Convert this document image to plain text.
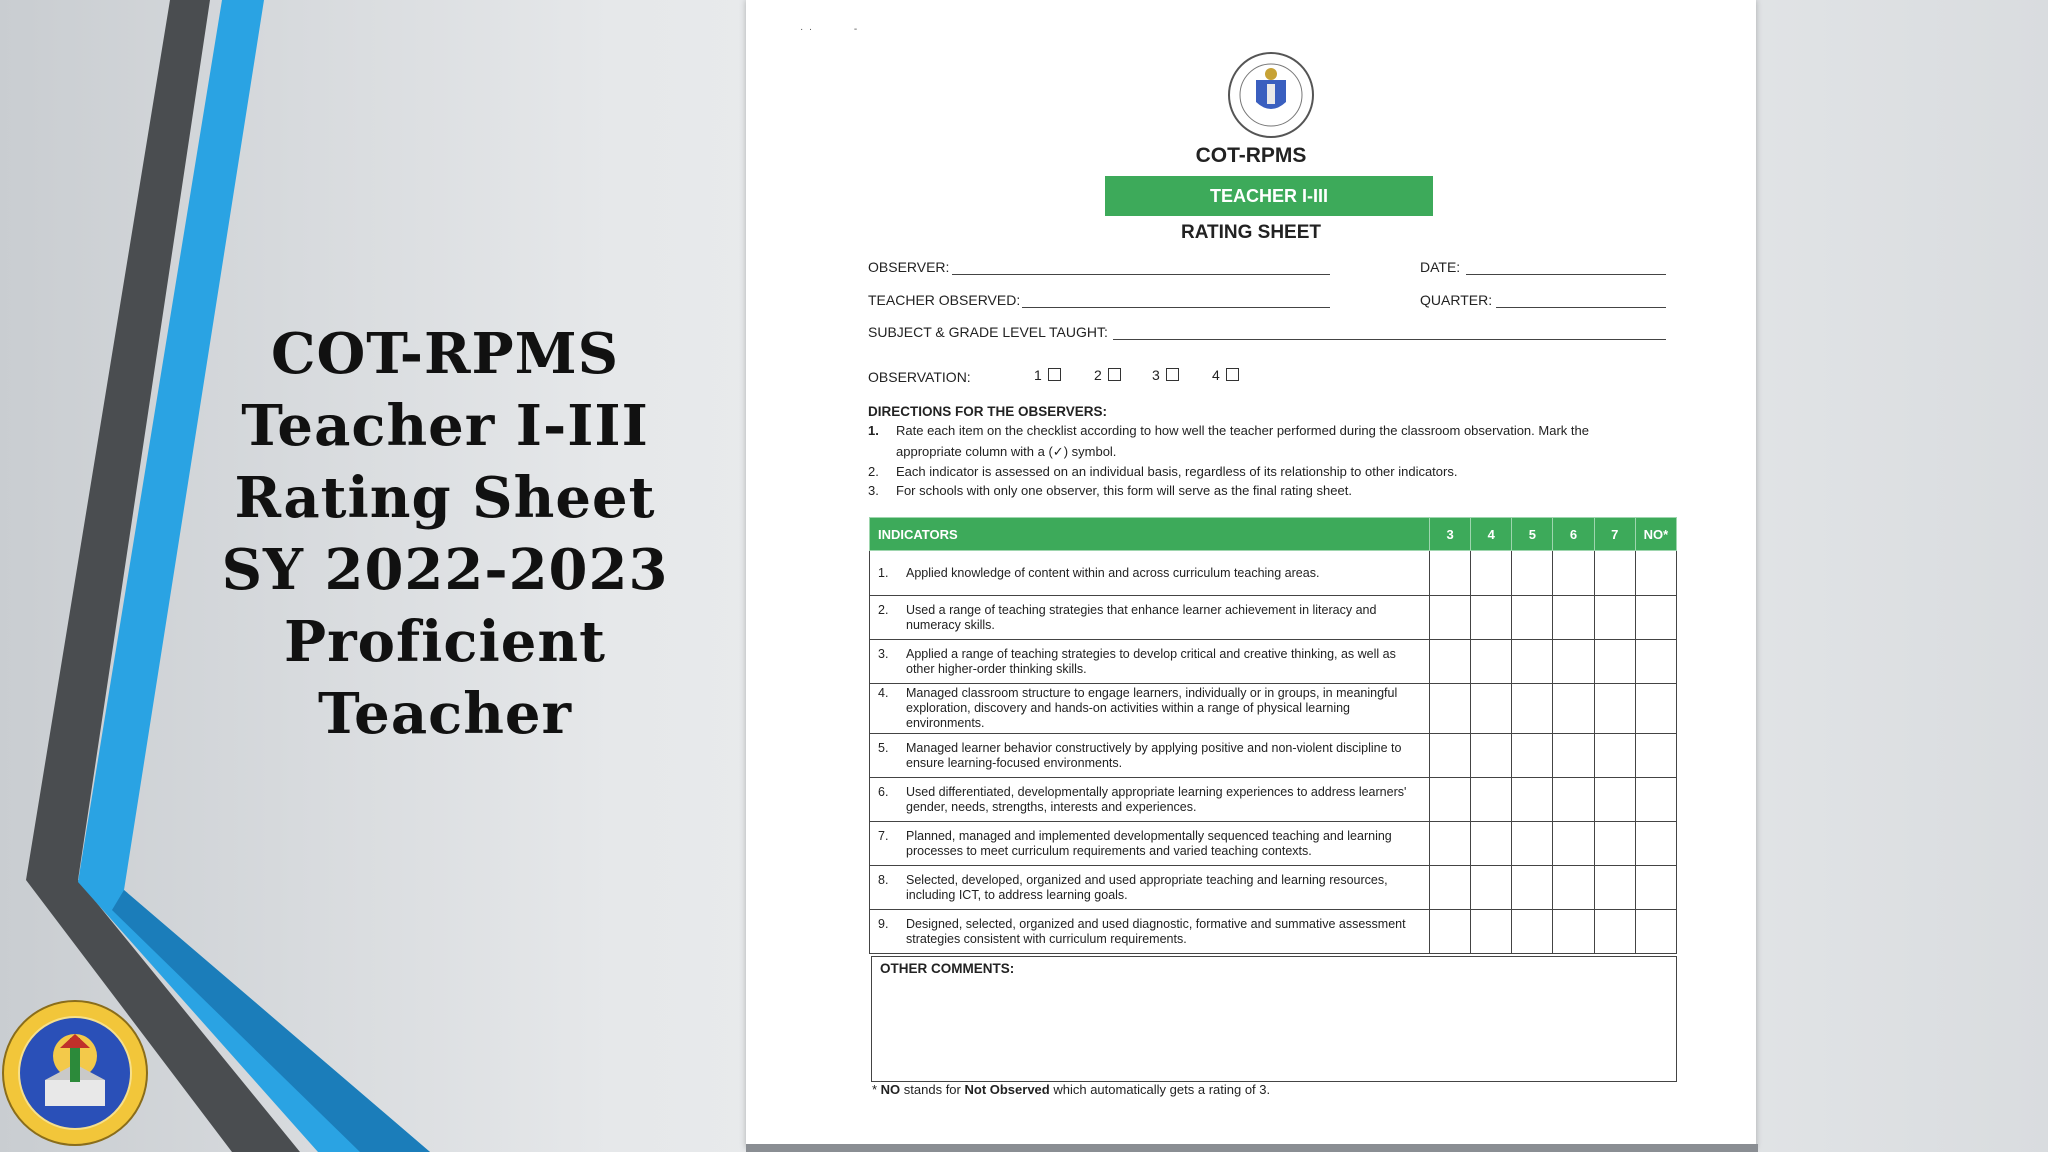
COT-RPMS
Teacher I-III
Rating Sheet
SY 2022-2023
Proficient
Teacher
·  ·               -
COT-RPMS
TEACHER I-III
RATING SHEET
OBSERVER:	DATE:
TEACHER OBSERVED:	QUARTER:
SUBJECT & GRADE LEVEL TAUGHT:
OBSERVATION:	1	2	3	4
DIRECTIONS FOR THE OBSERVERS:
1. Rate each item on the checklist according to how well the teacher performed during the classroom observation. Mark the
appropriate column with a (✓) symbol.
2. Each indicator is assessed on an individual basis, regardless of its relationship to other indicators.
3. For schools with only one observer, this form will serve as the final rating sheet.
INDICATORS	3	4	5	6	7	NO*
1. Applied knowledge of content within and across curriculum teaching areas.						
2. Used a range of teaching strategies that enhance learner achievement in literacy and numeracy skills.						
3. Applied a range of teaching strategies to develop critical and creative thinking, as well as other higher-order thinking skills.						
4. Managed classroom structure to engage learners, individually or in groups, in meaningful exploration, discovery and hands-on activities within a range of physical learning environments.						
5. Managed learner behavior constructively by applying positive and non-violent discipline to ensure learning-focused environments.						
6. Used differentiated, developmentally appropriate learning experiences to address learners' gender, needs, strengths, interests and experiences.						
7. Planned, managed and implemented developmentally sequenced teaching and learning processes to meet curriculum requirements and varied teaching contexts.						
8. Selected, developed, organized and used appropriate teaching and learning resources, including ICT, to address learning goals.						
9. Designed, selected, organized and used diagnostic, formative and summative assessment strategies consistent with curriculum requirements.						
OTHER COMMENTS:
* NO stands for Not Observed which automatically gets a rating of 3.
